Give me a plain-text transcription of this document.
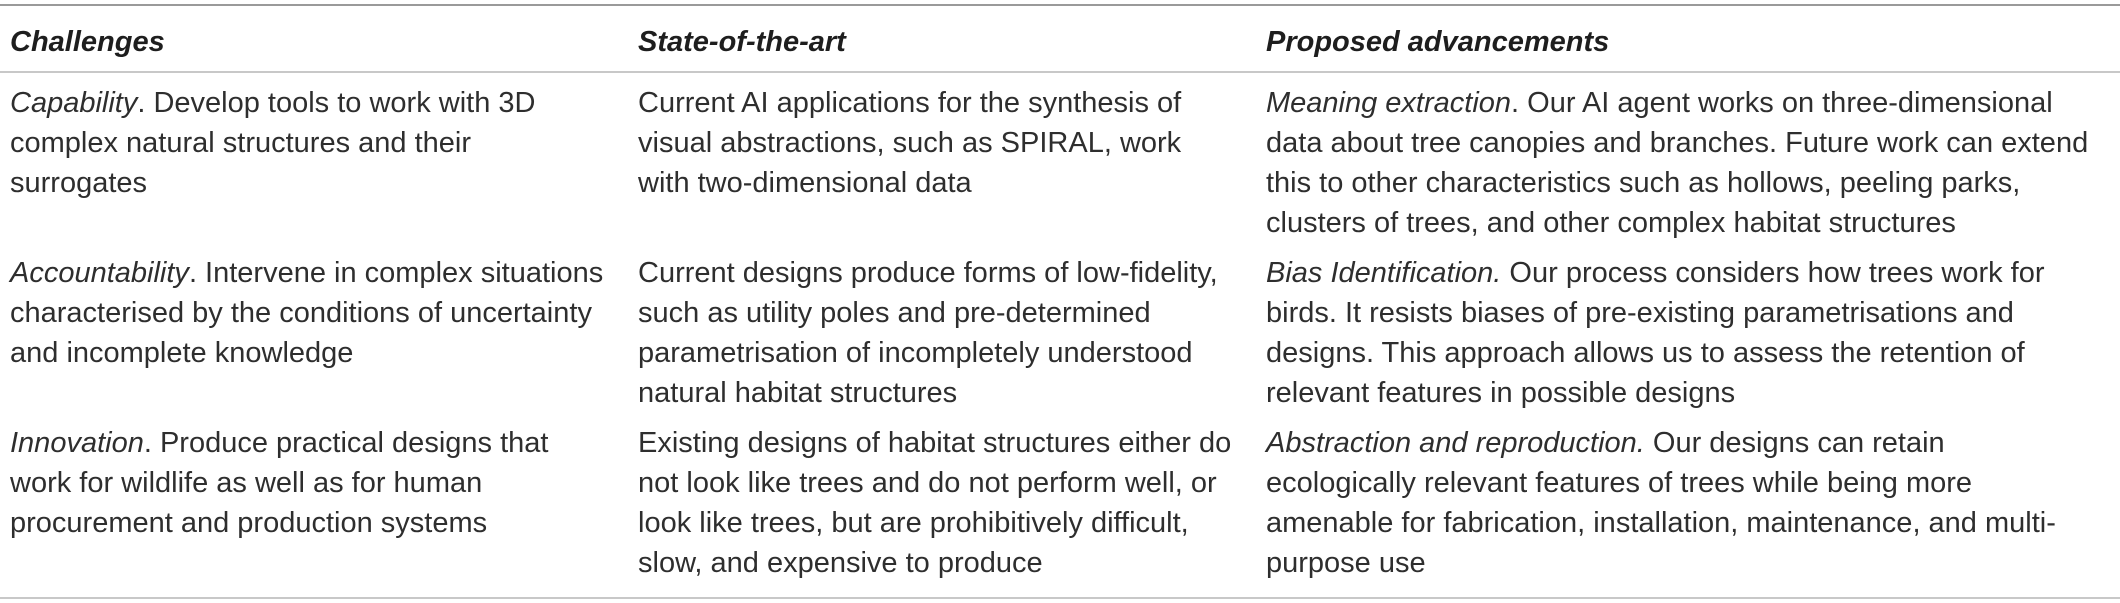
Challenges	State-of-the-art	Proposed advancements
Capability. Develop tools to work with 3D complex natural structures and their surrogates	Current AI applications for the synthesis of visual abstractions, such as SPIRAL, work with two-dimensional data	Meaning extraction. Our AI agent works on three-dimensional data about tree canopies and branches. Future work can extend this to other characteristics such as hollows, peeling parks, clusters of trees, and other complex habitat structures
Accountability. Intervene in complex situations characterised by the conditions of uncertainty and incomplete knowledge	Current designs produce forms of low-fidelity, such as utility poles and pre-determined parametrisation of incompletely understood natural habitat structures	Bias Identification. Our process considers how trees work for birds. It resists biases of pre-existing parametrisations and designs. This approach allows us to assess the retention of relevant features in possible designs
Innovation. Produce practical designs that work for wildlife as well as for human procurement and production systems	Existing designs of habitat structures either do not look like trees and do not perform well, or look like trees, but are prohibitively difficult, slow, and expensive to produce	Abstraction and reproduction. Our designs can retain ecologically relevant features of trees while being more amenable for fabrication, installation, maintenance, and multi-purpose use
